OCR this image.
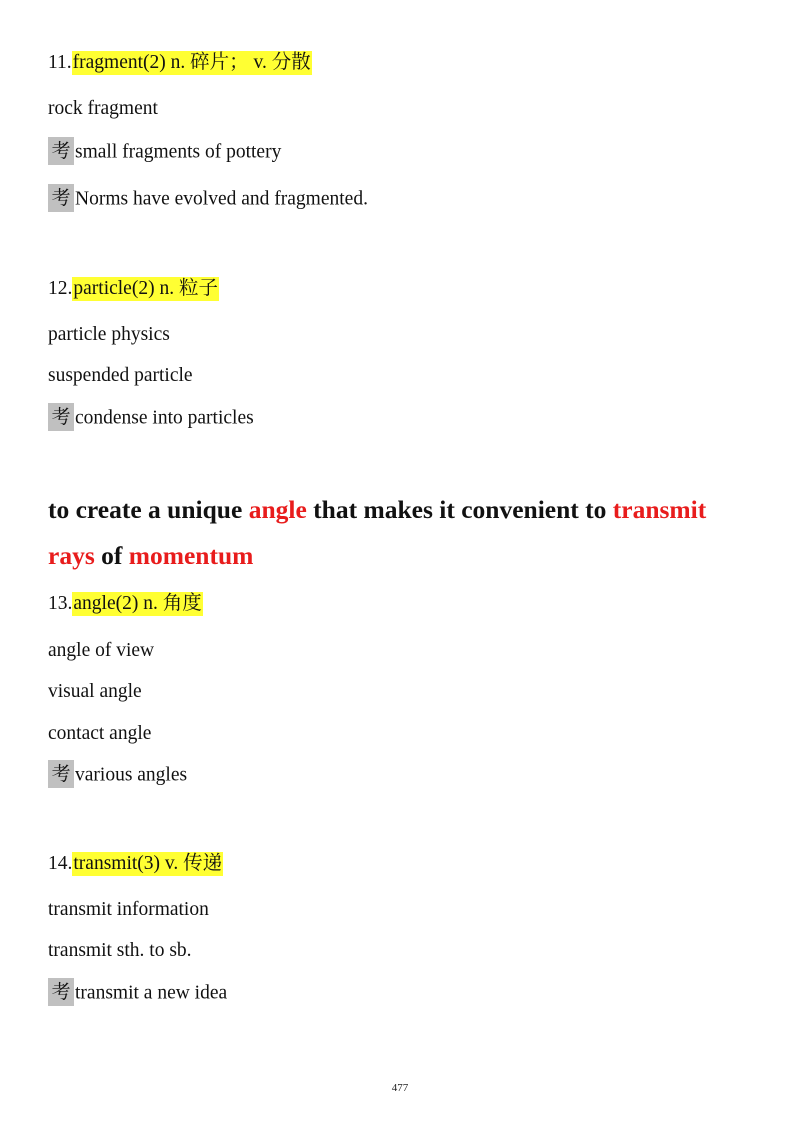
11.fragment(2) n. 碎片； v. 分散
rock fragment
考 small fragments of pottery
考 Norms have evolved and fragmented.
12.particle(2) n. 粒子
particle physics
suspended particle
考 condense into particles
to create a unique angle that makes it convenient to transmit
rays of momentum
13.angle(2) n. 角度
angle of view
visual angle
contact angle
考 various angles
14.transmit(3) v. 传递
transmit information
transmit sth. to sb.
考 transmit a new idea
477
